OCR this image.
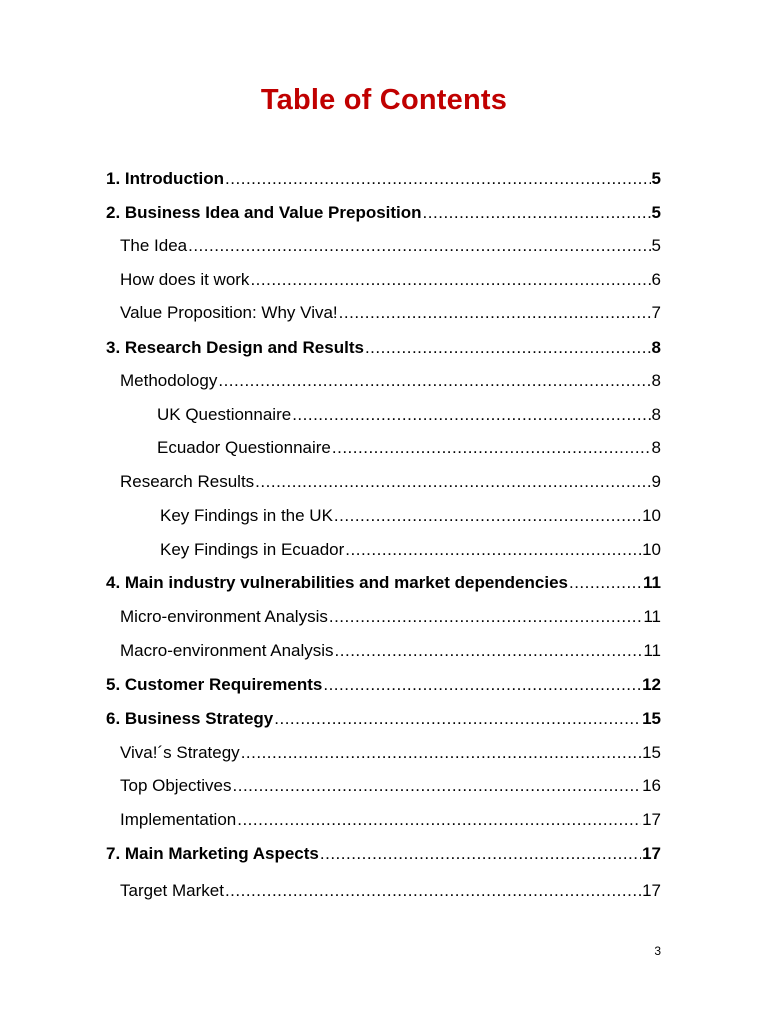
Table of Contents
1. Introduction .....	5
2. Business Idea and Value Preposition .....	5
The Idea .....	5
How does it work .....	6
Value Proposition: Why Viva! .....	7
3. Research Design and Results .....	8
Methodology .....	8
UK Questionnaire .....	8
Ecuador Questionnaire .....	8
Research Results .....	9
Key Findings in the UK .....	10
Key Findings in Ecuador .....	10
4. Main industry vulnerabilities and market dependencies .....	11
Micro-environment Analysis .....	11
Macro-environment Analysis .....	11
5. Customer Requirements .....	12
6. Business Strategy .....	15
Viva!´s Strategy .....	15
Top Objectives .....	16
Implementation .....	17
7. Main Marketing Aspects .....	17
Target Market .....	17
3
